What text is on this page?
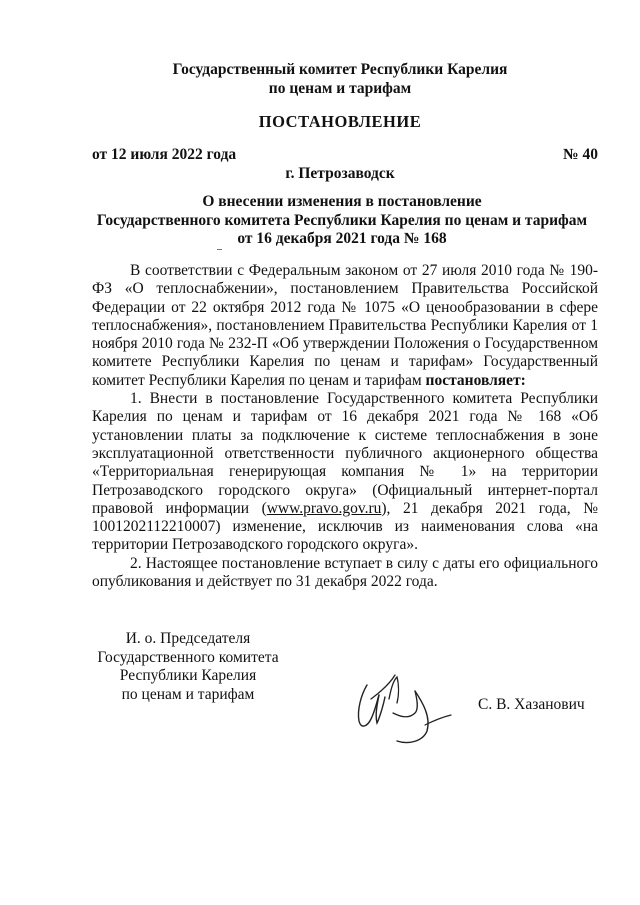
Государственный комитет Республики Карелия
по ценам и тарифам
ПОСТАНОВЛЕНИЕ
от 12 июля 2022 года	№ 40
г. Петрозаводск
О внесении изменения в постановление
Государственного комитета Республики Карелия по ценам и тарифам
от 16 декабря 2021 года № 168

В соответствии с Федеральным законом от 27 июля 2010 года № 190-ФЗ «О теплоснабжении», постановлением Правительства Российской Федерации от 22 октября 2012 года № 1075 «О ценообразовании в сфере теплоснабжения», постановлением Правительства Республики Карелия от 1 ноября 2010 года № 232-П «Об утверждении Положения о Государственном комитете Республики Карелия по ценам и тарифам» Государственный комитет Республики Карелия по ценам и тарифам постановляет:

1. Внести в постановление Государственного комитета Республики Карелия по ценам и тарифам от 16 декабря 2021 года № 168 «Об установлении платы за подключение к системе теплоснабжения в зоне эксплуатационной ответственности публичного акционерного общества «Территориальная генерирующая компания № 1» на территории Петрозаводского городского округа» (Официальный интернет-портал правовой информации (www.pravo.gov.ru), 21 декабря 2021 года, № 1001202112210007) изменение, исключив из наименования слова «на территории Петрозаводского городского округа».

2. Настоящее постановление вступает в силу с даты его официального опубликования и действует по 31 декабря 2022 года.

И. о. Председателя
Государственного комитета
Республики Карелия
по ценам и тарифам
С. В. Хазанович
